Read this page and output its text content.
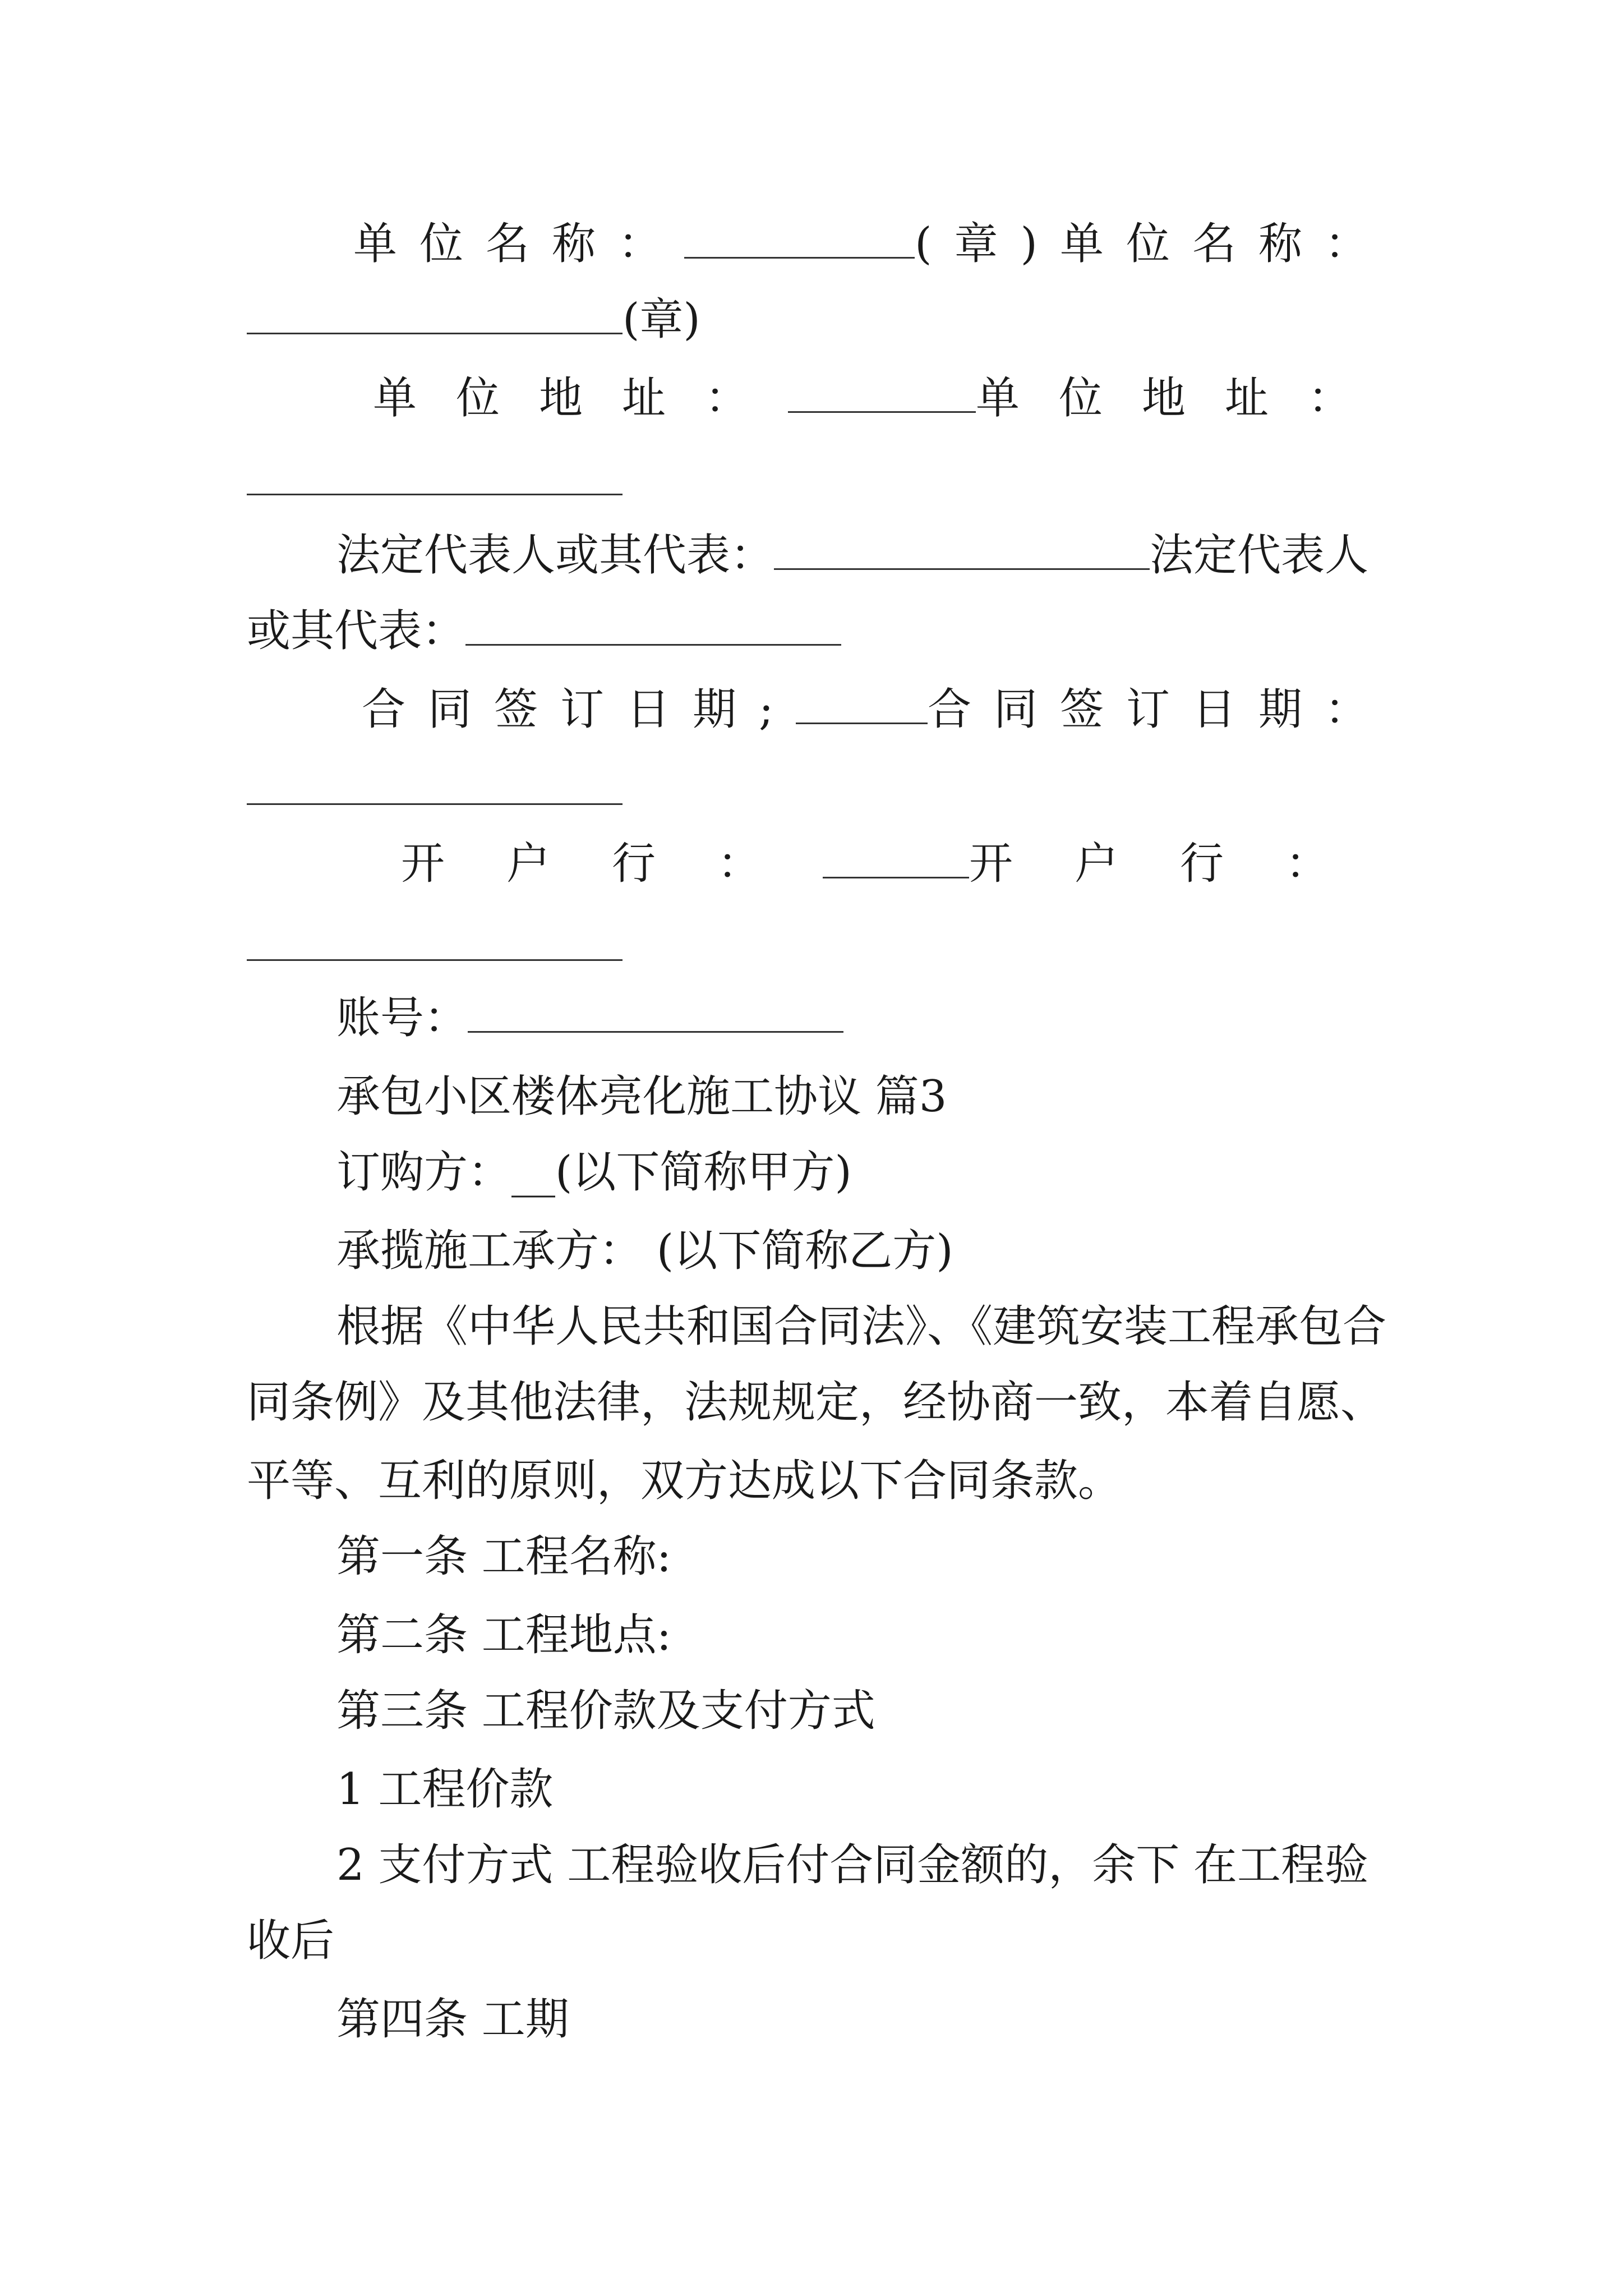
单位名称：	(章) 单位名称：
(章)
单位地址：	单位地址：
法定代表人或其代表：	法定代表人
或其代表：
合同签订日期;	合同签订日期：
开户行：	开户行：
账号：
承包小区楼体亮化施工协议 篇3
订购方：__(以下简称甲方)
承揽施工承方： (以下简称乙方)
根据《中华人民共和国合同法》、《建筑安装工程承包合
同条例》及其他法律，法规规定，经协商一致，本着自愿、
平等、互利的原则，双方达成以下合同条款。
第一条 工程名称:
第二条 工程地点:
第三条 工程价款及支付方式
1 工程价款
2 支付方式 工程验收后付合同金额的，余下 在工程验
收后
第四条 工期
